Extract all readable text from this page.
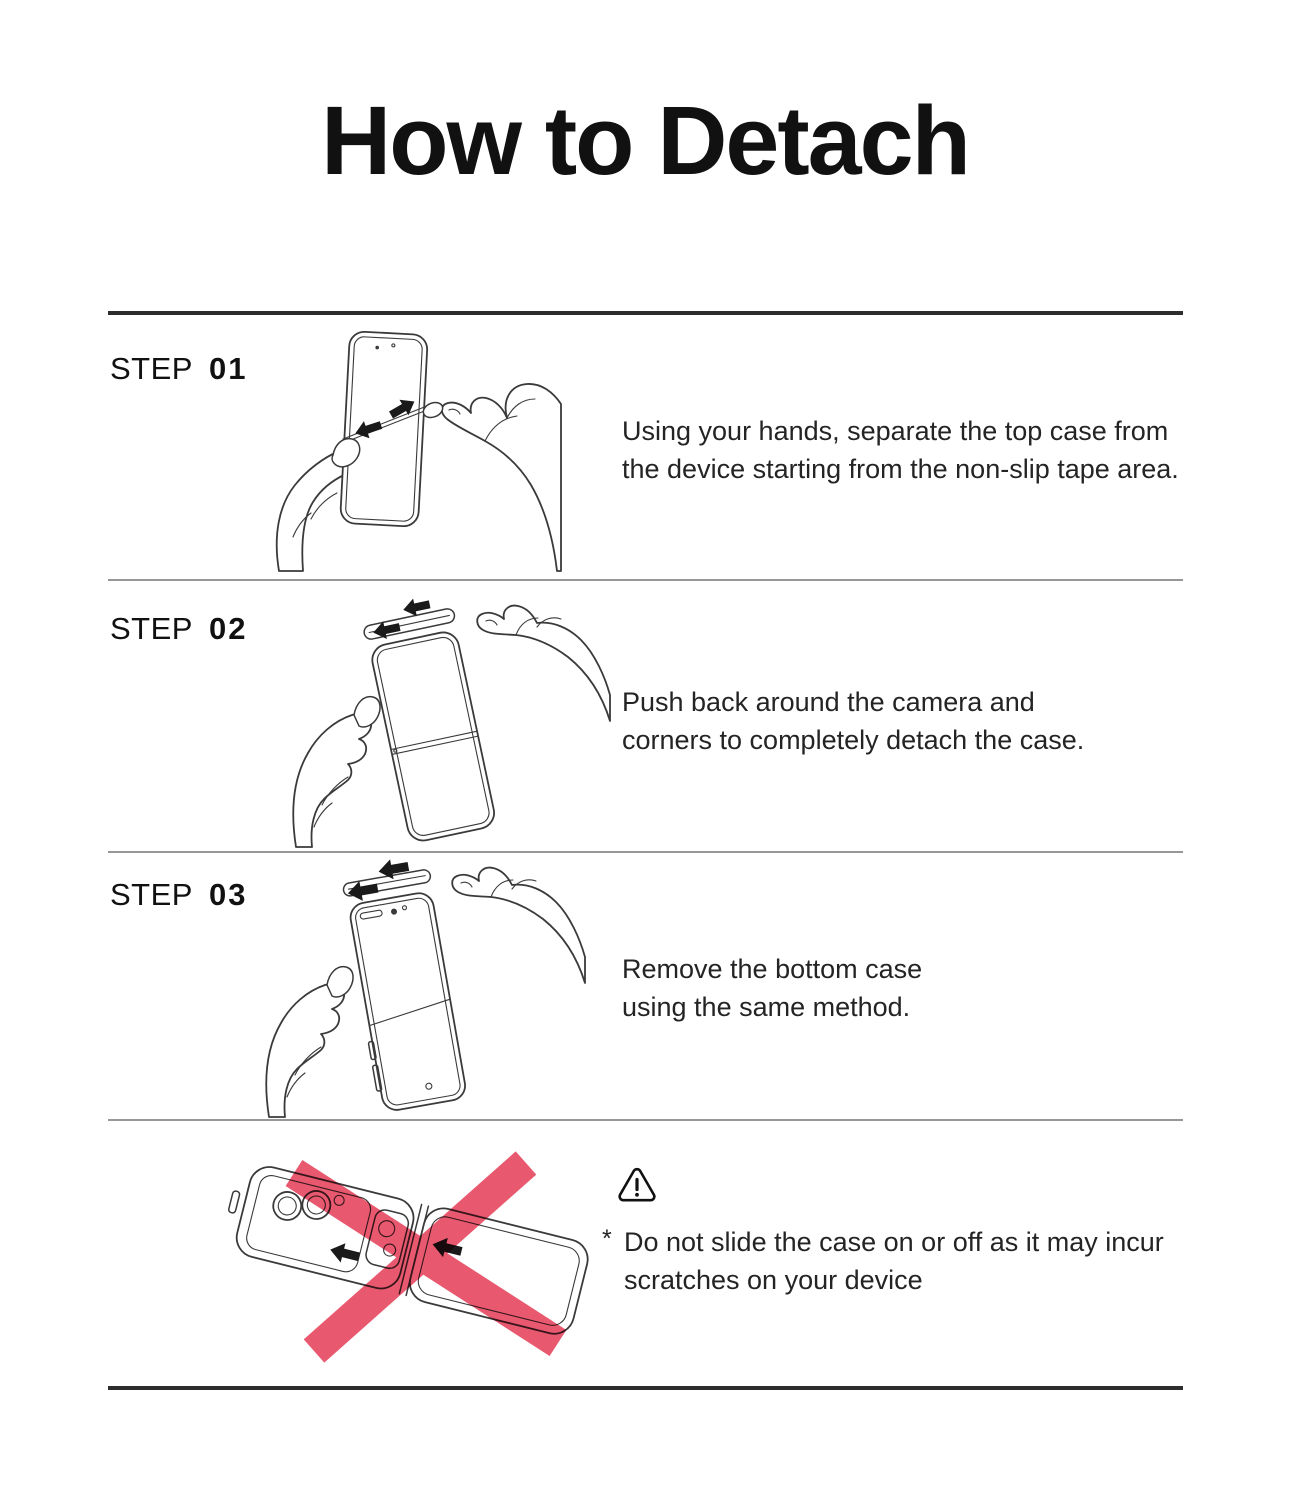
How to Detach
STEP 01
Using your hands, separate the top case from
the device starting from the non-slip tape area.
STEP 02
Push back around the camera and
corners to completely detach the case.
STEP 03
Remove the bottom case
using the same method.
* Do not slide the case on or off as it may incur
scratches on your device
